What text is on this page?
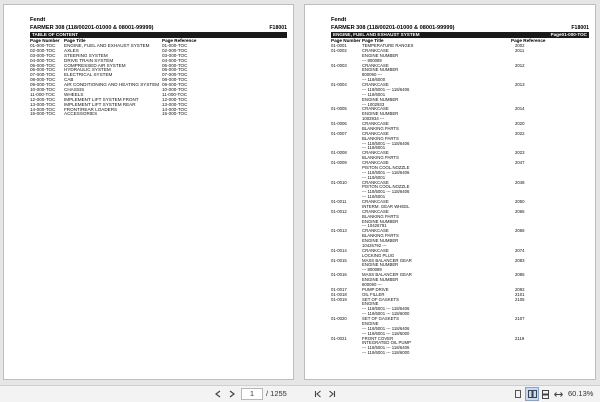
Fendt
FARMER 308 (118/00201-01000 & 08001-99999)	F18001
TABLE OF CONTENT
Page Number Page Title	Page Reference
01-000-TOC ENGINE, FUEL AND EXHAUST SYSTEM	01-000-TOC
02-000-TOC AXLES	02-000-TOC
03-000-TOC STEERING SYSTEM	03-000-TOC
04-000-TOC DRIVE TRAIN SYSTEM	04-000-TOC
05-000-TOC COMPRESSED AIR SYSTEM	05-000-TOC
06-000-TOC HYDRAULIC SYSTEM	06-000-TOC
07-000-TOC ELECTRICAL SYSTEM	07-000-TOC
08-000-TOC CAB	08-000-TOC
09-000-TOC AIR CONDITIONING AND HEATING SYSTEM 09-000-TOC
10-000-TOC CHASSIS	10-000-TOC
11-000-TOC WHEELS	11-000-TOC
12-000-TOC IMPLEMENT LIFT SYSTEM FRONT	12-000-TOC
13-000-TOC IMPLEMENT LIFT SYSTEM REAR	13-000-TOC
14-000-TOC FRONT/REAR LOADERS	14-000-TOC
15-000-TOC ACCESSORIES	15-000-TOC
Fendt
FARMER 308 (118/00201-01000 & 08001-99999)	F18001
ENGINE, FUEL AND EXHAUST SYSTEM	Page01-000-TOC
Page Number Page Title	Page Reference
01-0001	TEMPERATURE RANGES	2002
01-0002	CRANKCASE	2011
ENGINE NUMBER
--- 800089
01-0003	CRANKCASE	2012
ENGINE NUMBER
800090 ---
--- 118/6000
01-0004	CRANKCASE	2013
--- 118/5001 --- 118/6406
--- 118/6001
ENGINE NUMBER
--- 1002933
01-0005	CRANKCASE	2014
ENGINE NUMBER
1002934 ---
01-0006	CRANKCASE	2020
BLANKING PARTS
01-0007	CRANKCASE	2022
BLANKING PARTS
--- 118/5001 --- 118/6406
--- 118/6001
01-0008	CRANKCASE	2023
BLANKING PARTS
01-0009	CRANKCASE	2047
PISTON COOL.NOZZLE
--- 118/5001 --- 118/6406
--- 118/6001
01-0010	CRANKCASE	2048
PISTON COOL.NOZZLE
--- 118/5001 --- 118/6406
--- 118/6001
01-0011	CRANKCASE	2050
INTERM. GEAR WHEEL
01-0012	CRANKCASE	2065
BLANKING PARTS
ENGINE NUMBER
--- 10426791
01-0013	CRANKCASE	2066
BLANKING PARTS
ENGINE NUMBER
10426792 ---
01-0014	CRANKCASE	2074
LOCKING PLUG
01-0015	MASS BALANCER GEAR	2083
ENGINE NUMBER
--- 800089
01-0016	MASS BALANCER GEAR	2085
ENGINE NUMBER
800090 ---
01-0017	PUMP DRIVE	2092
01-0018	OIL FILLER	2101
01-0019	SET OF GASKETS	2105
ENGINE
--- 118/5001 --- 118/6406
--- 118/6001 --- 118/6000
01-0020	SET OF GASKETS	2107
ENGINE
--- 118/5001 --- 118/6406
--- 118/6001 --- 118/6000
01-0021	FRONT COVER	2119
INTEGRATED OIL PUMP
--- 118/5001 --- 118/6406
--- 118/6001 --- 118/6000
1	/ 1255	60.13%
